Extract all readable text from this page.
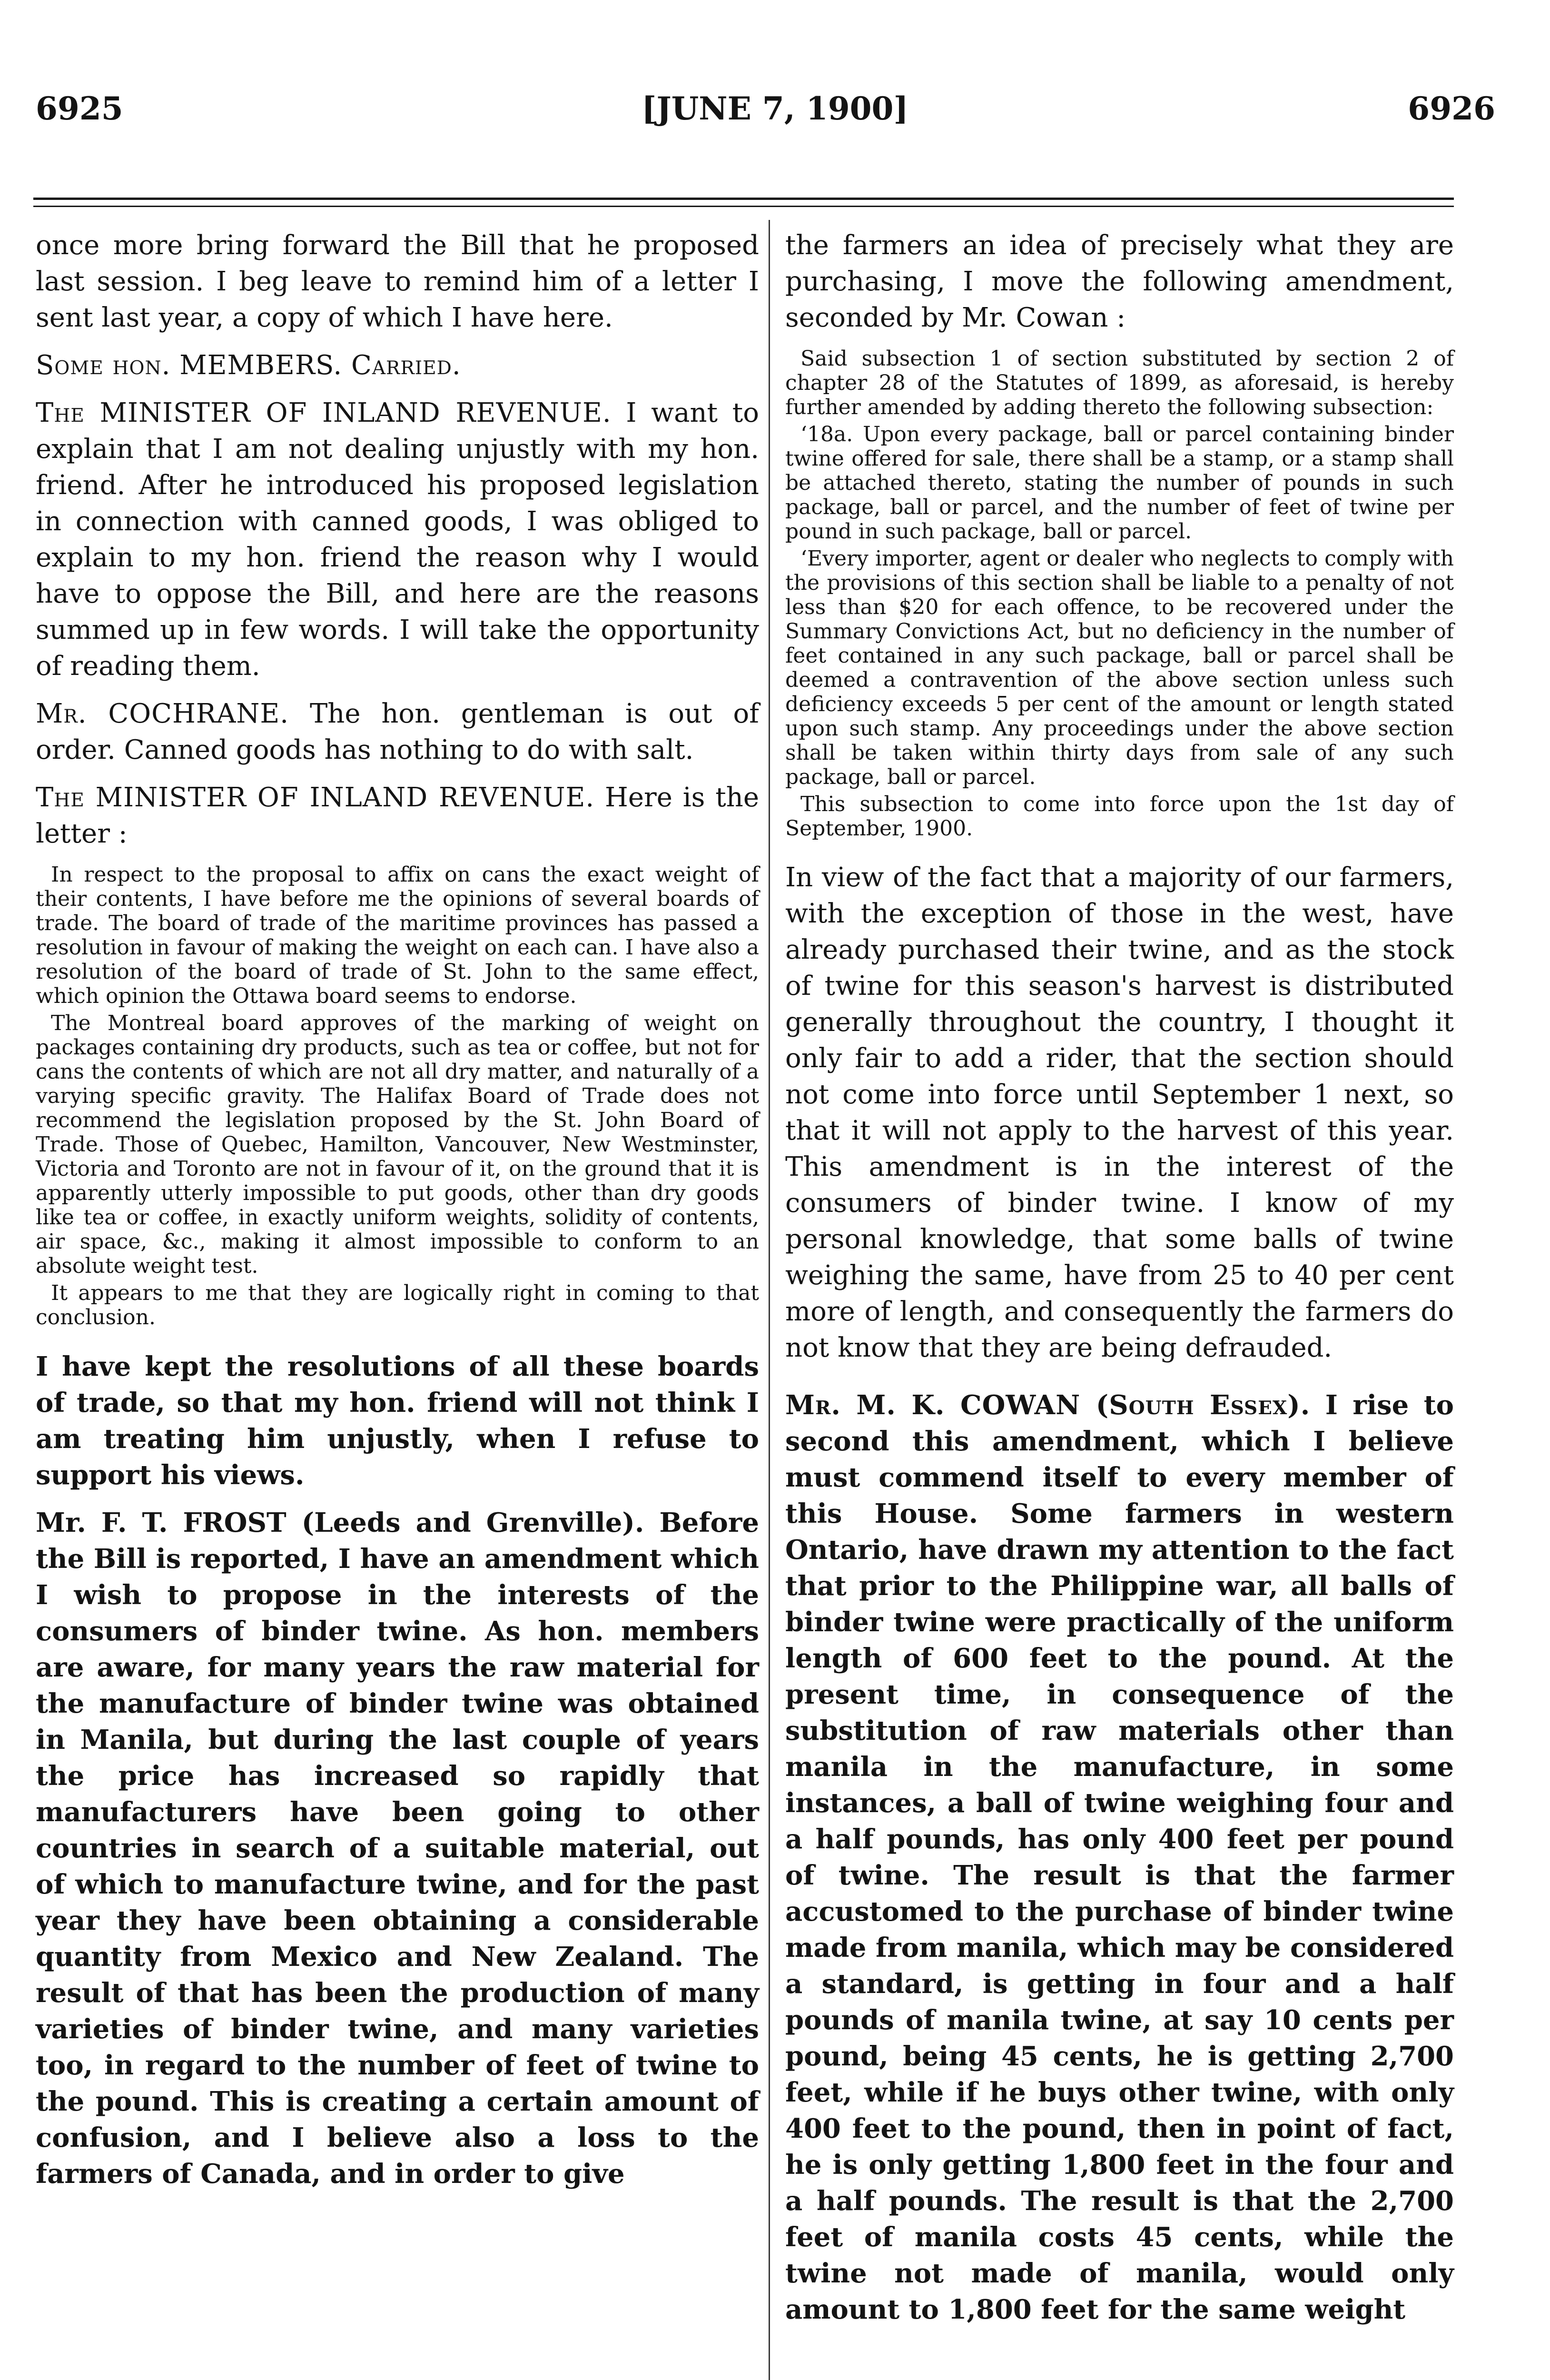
6925	[JUNE 7, 1900]	6926

once more bring forward the Bill that he proposed last session. I beg leave to remind him of a letter I sent last year, a copy of which I have here.

Some hon. MEMBERS. Carried.

The MINISTER OF INLAND REVENUE. I want to explain that I am not dealing unjustly with my hon. friend. After he introduced his proposed legislation in connection with canned goods, I was obliged to explain to my hon. friend the reason why I would have to oppose the Bill, and here are the reasons summed up in few words. I will take the opportunity of reading them.

Mr. COCHRANE. The hon. gentleman is out of order. Canned goods has nothing to do with salt.

The MINISTER OF INLAND REVENUE. Here is the letter :

In respect to the proposal to affix on cans the exact weight of their contents, I have before me the opinions of several boards of trade. The board of trade of the maritime provinces has passed a resolution in favour of making the weight on each can. I have also a resolution of the board of trade of St. John to the same effect, which opinion the Ottawa board seems to endorse.

The Montreal board approves of the marking of weight on packages containing dry products, such as tea or coffee, but not for cans the contents of which are not all dry matter, and naturally of a varying specific gravity. The Halifax Board of Trade does not recommend the legislation proposed by the St. John Board of Trade. Those of Quebec, Hamilton, Vancouver, New Westminster, Victoria and Toronto are not in favour of it, on the ground that it is apparently utterly impossible to put goods, other than dry goods like tea or coffee, in exactly uniform weights, solidity of contents, air space, &c., making it almost impossible to conform to an absolute weight test.

It appears to me that they are logically right in coming to that conclusion.

I have kept the resolutions of all these boards of trade, so that my hon. friend will not think I am treating him unjustly, when I refuse to support his views.

Mr. F. T. FROST (Leeds and Grenville). Before the Bill is reported, I have an amendment which I wish to propose in the interests of the consumers of binder twine. As hon. members are aware, for many years the raw material for the manufacture of binder twine was obtained in Manila, but during the last couple of years the price has increased so rapidly that manufacturers have been going to other countries in search of a suitable material, out of which to manufacture twine, and for the past year they have been obtaining a considerable quantity from Mexico and New Zealand. The result of that has been the production of many varieties of binder twine, and many varieties too, in regard to the number of feet of twine to the pound. This is creating a certain amount of confusion, and I believe also a loss to the farmers of Canada, and in order to give

the farmers an idea of precisely what they are purchasing, I move the following amendment, seconded by Mr. Cowan :

Said subsection 1 of section substituted by section 2 of chapter 28 of the Statutes of 1899, as aforesaid, is hereby further amended by adding thereto the following subsection:

‘18a. Upon every package, ball or parcel containing binder twine offered for sale, there shall be a stamp, or a stamp shall be attached thereto, stating the number of pounds in such package, ball or parcel, and the number of feet of twine per pound in such package, ball or parcel.

‘Every importer, agent or dealer who neglects to comply with the provisions of this section shall be liable to a penalty of not less than $20 for each offence, to be recovered under the Summary Convictions Act, but no deficiency in the number of feet contained in any such package, ball or parcel shall be deemed a contravention of the above section unless such deficiency exceeds 5 per cent of the amount or length stated upon such stamp. Any proceedings under the above section shall be taken within thirty days from sale of any such package, ball or parcel.

This subsection to come into force upon the 1st day of September, 1900.

In view of the fact that a majority of our farmers, with the exception of those in the west, have already purchased their twine, and as the stock of twine for this season's harvest is distributed generally throughout the country, I thought it only fair to add a rider, that the section should not come into force until September 1 next, so that it will not apply to the harvest of this year. This amendment is in the interest of the consumers of binder twine. I know of my personal knowledge, that some balls of twine weighing the same, have from 25 to 40 per cent more of length, and consequently the farmers do not know that they are being defrauded.

Mr. M. K. COWAN (South Essex). I rise to second this amendment, which I believe must commend itself to every member of this House. Some farmers in western Ontario, have drawn my attention to the fact that prior to the Philippine war, all balls of binder twine were practically of the uniform length of 600 feet to the pound. At the present time, in consequence of the substitution of raw materials other than manila in the manufacture, in some instances, a ball of twine weighing four and a half pounds, has only 400 feet per pound of twine. The result is that the farmer accustomed to the purchase of binder twine made from manila, which may be considered a standard, is getting in four and a half pounds of manila twine, at say 10 cents per pound, being 45 cents, he is getting 2,700 feet, while if he buys other twine, with only 400 feet to the pound, then in point of fact, he is only getting 1,800 feet in the four and a half pounds. The result is that the 2,700 feet of manila costs 45 cents, while the twine not made of manila, would only amount to 1,800 feet for the same weight
